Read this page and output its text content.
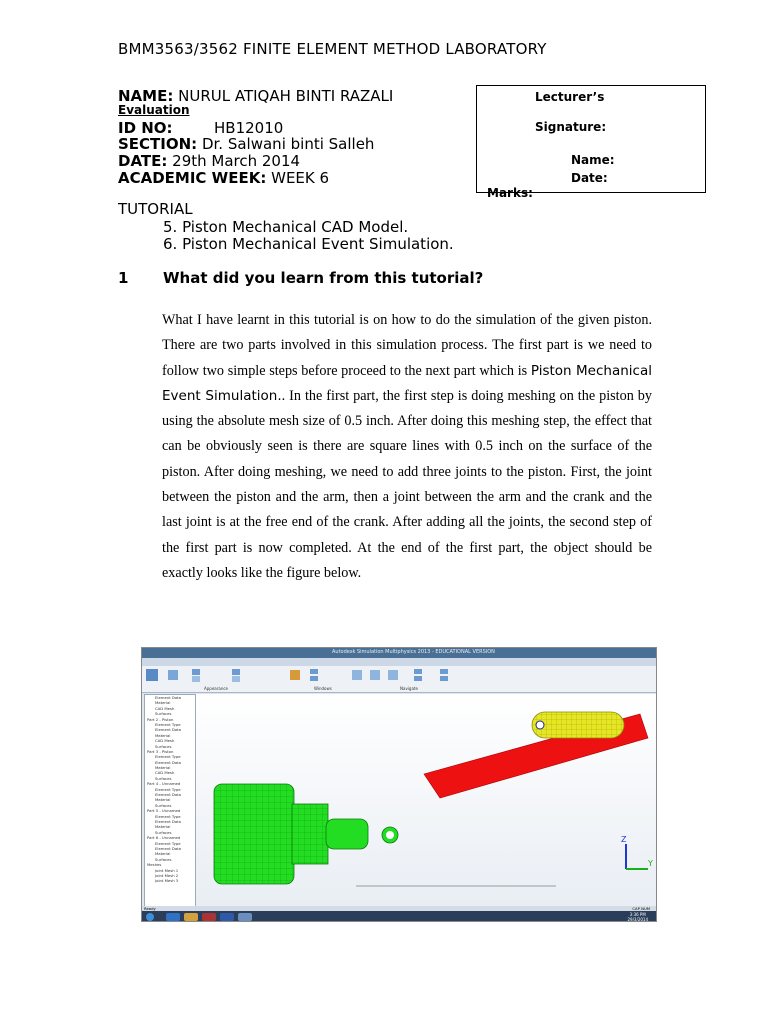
BMM3563/3562 FINITE ELEMENT METHOD LABORATORY
NAME: NURUL ATIQAH BINTI RAZALI
Evaluation
ID NO:	HB12010
SECTION: Dr. Salwani binti Salleh
DATE: 29th March 2014
ACADEMIC WEEK: WEEK 6
Lecturer’s
Signature:
Name:
Date:
Marks:
TUTORIAL
5. Piston Mechanical CAD Model.
6. Piston Mechanical Event Simulation.
1 What did you learn from this tutorial?
What I have learnt in this tutorial is on how to do the simulation of the given piston. There are two parts involved in this simulation process. The first part is we need to follow two simple steps before proceed to the next part which is Piston Mechanical Event Simulation.. In the first part, the first step is doing meshing on the piston by using the absolute mesh size of 0.5 inch. After doing this meshing step, the effect that can be obviously seen is there are square lines with 0.5 inch on the surface of the piston. After doing meshing, we need to add three joints to the piston. First, the joint between the piston and the arm, then a joint between the arm and the crank and the last joint is at the free end of the crank. After adding all the joints, the second step of the first part is now completed. At the end of the first part, the object should be exactly looks like the figure below.
Autodesk Simulation Multiphysics 2013 - EDUCATIONAL VERSION
Appearance	Windows	Navigate
Element Data
Material
CAD Mesh
Surfaces
Part 2 - Piston
Element Type
Element Data
Material
CAD Mesh
Surfaces
Part 3 - Piston
Element Type
Element Data
Material
CAD Mesh
Surfaces
Part 4 - Unnamed
Element Type
Element Data
Material
Surfaces
Part 5 - Unnamed
Element Type
Element Data
Material
Surfaces
Part 6 - Unnamed
Element Type
Element Data
Material
Surfaces
Meshes
Joint Mesh 1
Joint Mesh 2
Joint Mesh 3
Z
Y
Ready	CAP NUM
3:36 PM
29/3/2014
